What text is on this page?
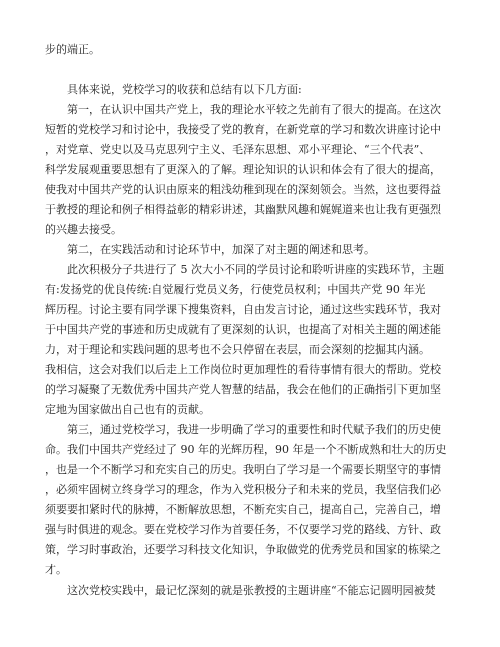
步的端正。
具体来说，党校学习的收获和总结有以下几方面:
第一，在认识中国共产党上，我的理论水平较之先前有了很大的提高。在这次
短暂的党校学习和讨论中，我接受了党的教育，在新党章的学习和数次讲座讨论中
，对党章、党史以及马克思列宁主义、毛泽东思想、邓小平理论、“三个代表”、
科学发展观重要思想有了更深入的了解。理论知识的认识和体会有了很大的提高，
使我对中国共产党的认识由原来的粗浅幼稚到现在的深刻领会。当然，这也要得益
于教授的理论和例子相得益彰的精彩讲述，其幽默风趣和娓娓道来也让我有更强烈
的兴趣去接受。
第二，在实践活动和讨论环节中，加深了对主题的阐述和思考。
此次积极分子共进行了 5 次大小不同的学员讨论和聆听讲座的实践环节，主题
有:发扬党的优良传统:自觉履行党员义务，行使党员权利；中国共产党 90 年光
辉历程。讨论主要有同学课下搜集资料，自由发言讨论，通过这些实践环节，我对
于中国共产党的事迹和历史成就有了更深刻的认识，也提高了对相关主题的阐述能
力，对于理论和实践问题的思考也不会只停留在表层，而会深刻的挖掘其内涵。
我相信，这会对我们以后走上工作岗位时更加理性的看待事情有很大的帮助。党校
的学习凝聚了无数优秀中国共产党人智慧的结晶，我会在他们的正确指引下更加坚
定地为国家做出自己也有的贡献。
第三，通过党校学习，我进一步明确了学习的重要性和时代赋予我们的历史使
命。我们中国共产党经过了 90 年的光辉历程，90 年是一个不断成熟和壮大的历史
，也是一个不断学习和充实自己的历史。我明白了学习是一个需要长期坚守的事情
，必须牢固树立终身学习的理念，作为入党积极分子和未来的党员，我坚信我们必
须要要扣紧时代的脉搏，不断解放思想，不断充实自己，提高自己，完善自己，增
强与时俱进的观念。要在党校学习作为首要任务，不仅要学习党的路线、方针、政
策，学习时事政治，还要学习科技文化知识，争取做党的优秀党员和国家的栋梁之
才。
这次党校实践中，最记忆深刻的就是张教授的主题讲座“不能忘记圆明园被焚
